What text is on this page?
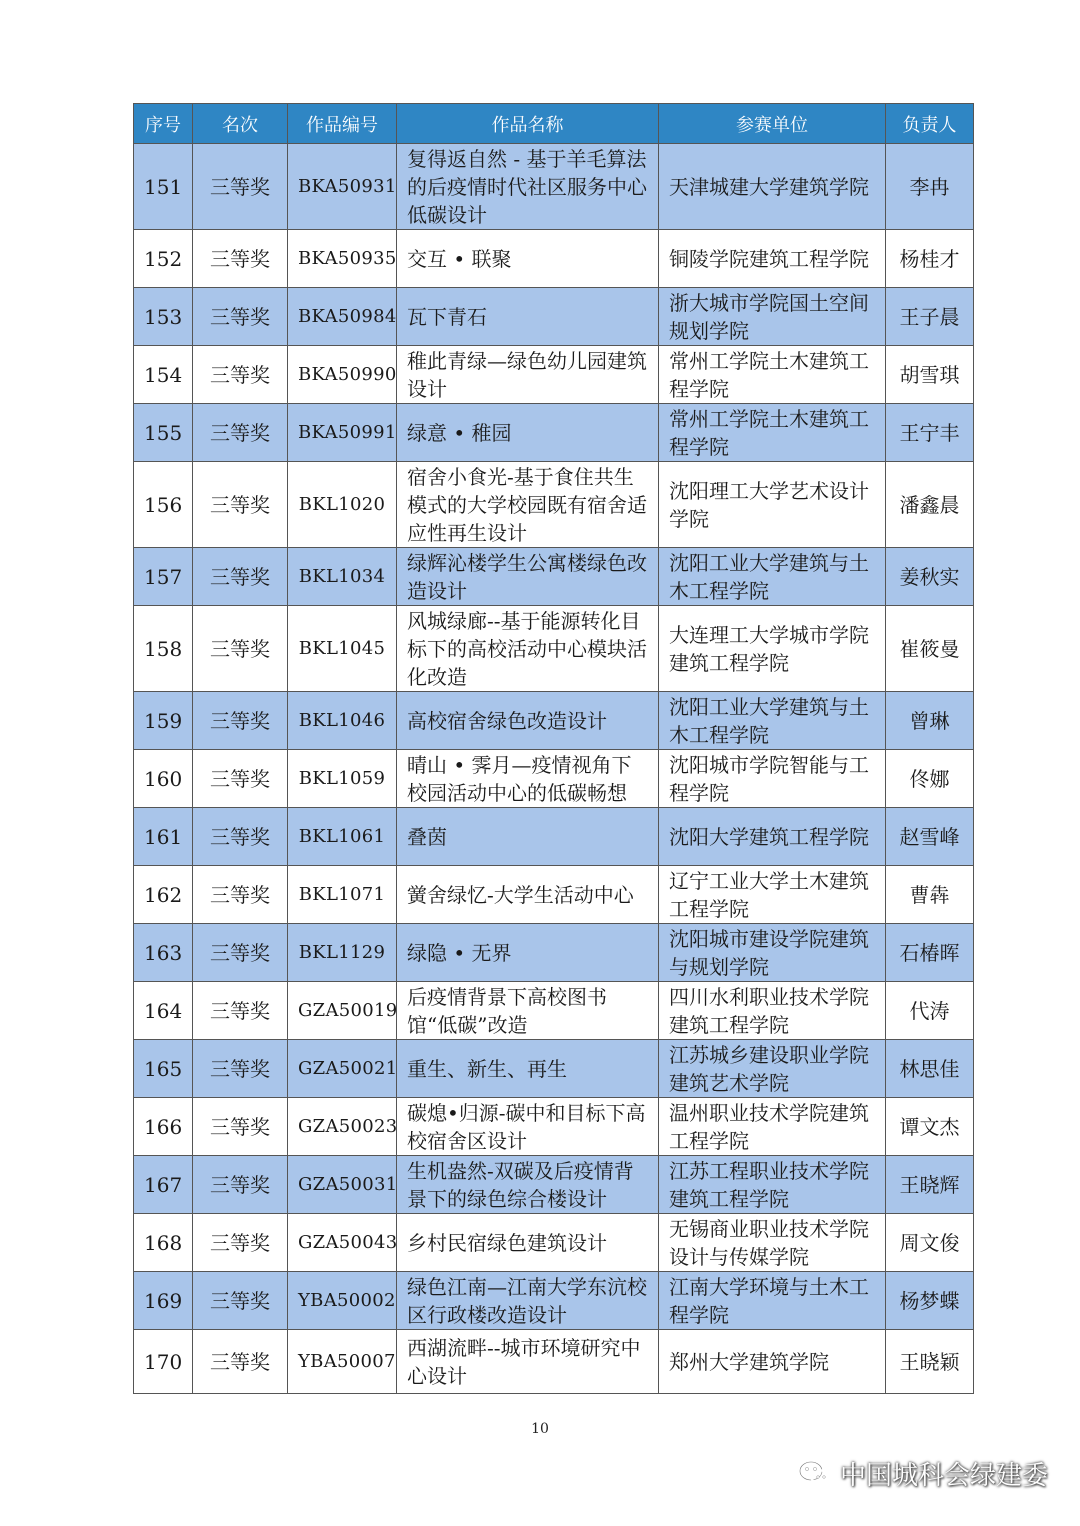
序号	名次	作品编号	作品名称	参赛单位	负责人
151	三等奖	BKA50931	复得返自然 - 基于羊毛算法的后疫情时代社区服务中心低碳设计	天津城建大学建筑学院	李冉
152	三等奖	BKA50935	交互 • 联聚	铜陵学院建筑工程学院	杨桂才
153	三等奖	BKA50984	瓦下青石	浙大城市学院国土空间规划学院	王子晨
154	三等奖	BKA50990	稚此青绿—绿色幼儿园建筑设计	常州工学院土木建筑工程学院	胡雪琪
155	三等奖	BKA50991	绿意 • 稚园	常州工学院土木建筑工程学院	王宁丰
156	三等奖	BKL1020	宿舍小食光-基于食住共生模式的大学校园既有宿舍适应性再生设计	沈阳理工大学艺术设计学院	潘鑫晨
157	三等奖	BKL1034	绿辉沁楼学生公寓楼绿色改造设计	沈阳工业大学建筑与土木工程学院	姜秋实
158	三等奖	BKL1045	风城绿廊--基于能源转化目标下的高校活动中心模块活化改造	大连理工大学城市学院建筑工程学院	崔筱曼
159	三等奖	BKL1046	高校宿舍绿色改造设计	沈阳工业大学建筑与土木工程学院	曾琳
160	三等奖	BKL1059	晴山 • 霁月—疫情视角下校园活动中心的低碳畅想	沈阳城市学院智能与工程学院	佟娜
161	三等奖	BKL1061	叠茵	沈阳大学建筑工程学院	赵雪峰
162	三等奖	BKL1071	黉舍绿忆-大学生活动中心	辽宁工业大学土木建筑工程学院	曹犇
163	三等奖	BKL1129	绿隐 • 无界	沈阳城市建设学院建筑与规划学院	石椿晖
164	三等奖	GZA50019	后疫情背景下高校图书馆“低碳”改造	四川水利职业技术学院建筑工程学院	代涛
165	三等奖	GZA50021	重生、新生、再生	江苏城乡建设职业学院建筑艺术学院	林思佳
166	三等奖	GZA50023	碳熄•归源-碳中和目标下高校宿舍区设计	温州职业技术学院建筑工程学院	谭文杰
167	三等奖	GZA50031	生机盎然-双碳及后疫情背景下的绿色综合楼设计	江苏工程职业技术学院建筑工程学院	王晓辉
168	三等奖	GZA50043	乡村民宿绿色建筑设计	无锡商业职业技术学院设计与传媒学院	周文俊
169	三等奖	YBA50002	绿色江南—江南大学东沆校区行政楼改造设计	江南大学环境与土木工程学院	杨梦蝶
170	三等奖	YBA50007	西湖流畔--城市环境研究中心设计	郑州大学建筑学院	王晓颖
10
中国城科会绿建委
